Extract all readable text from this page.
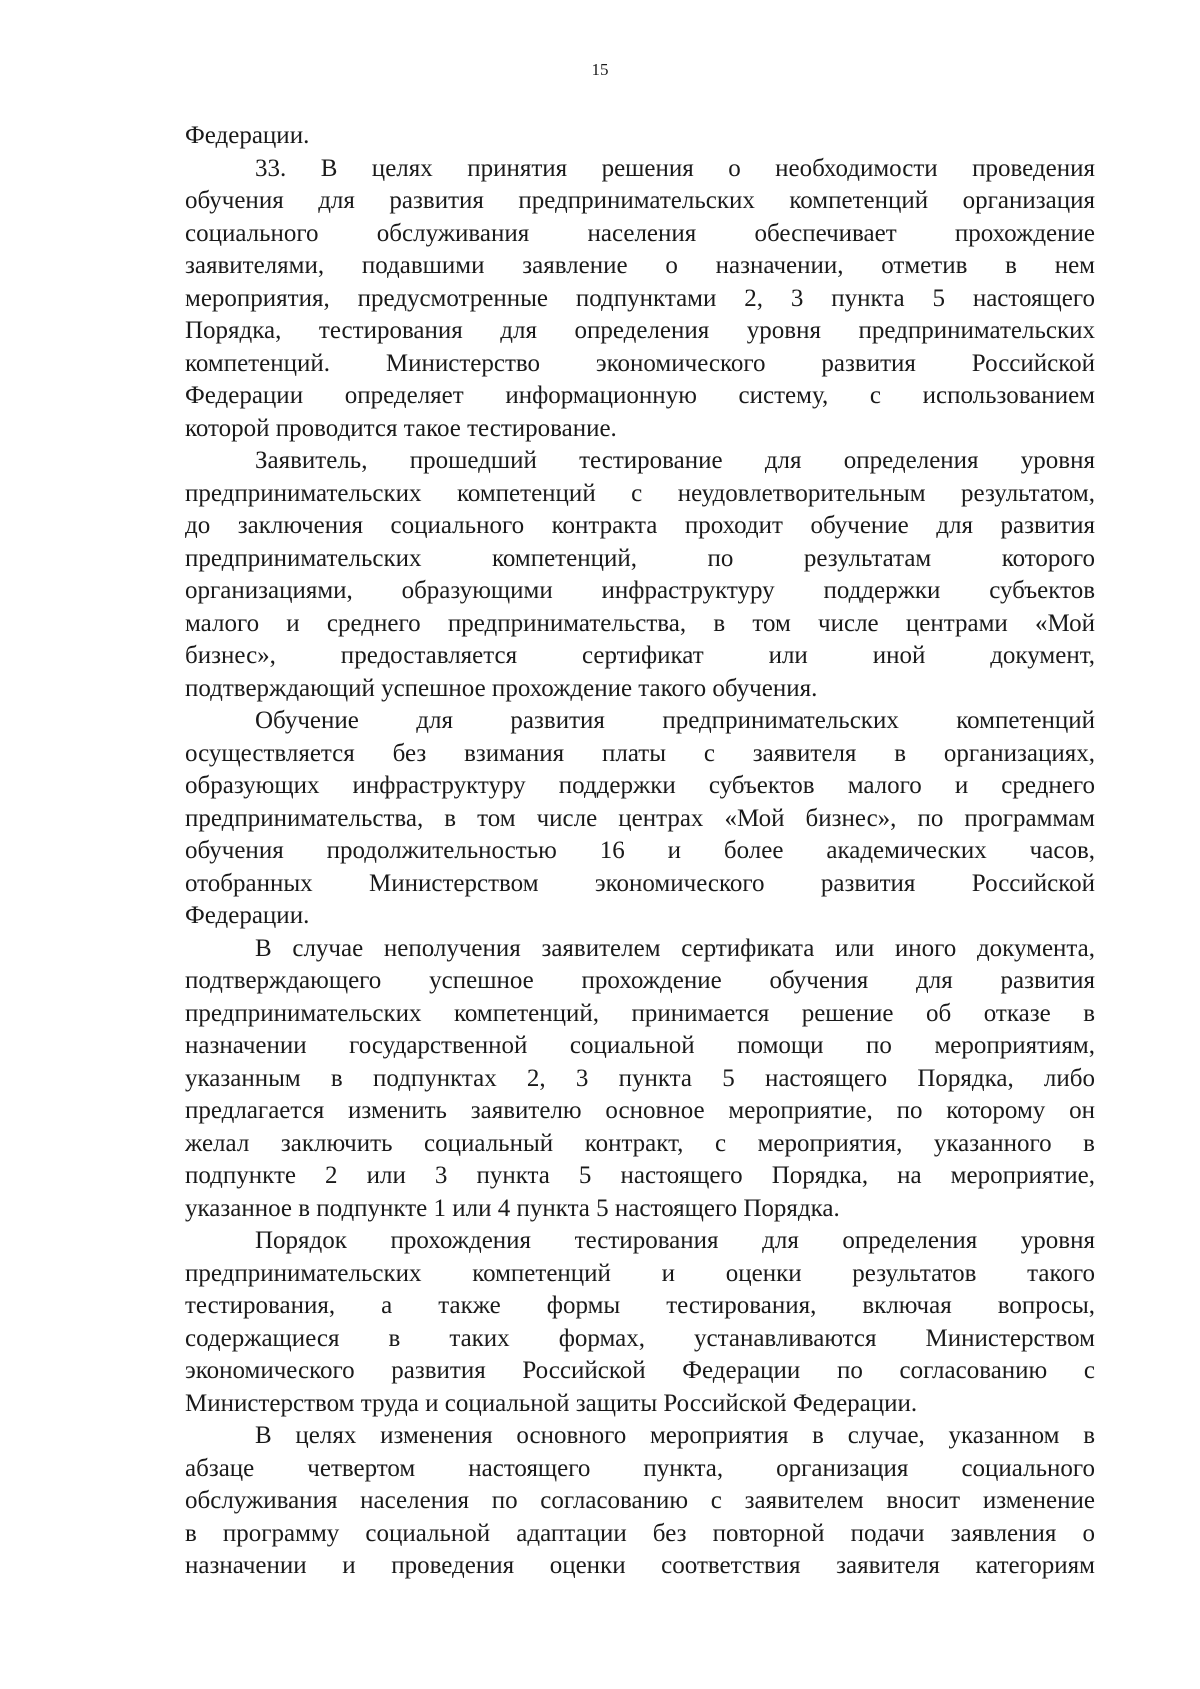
15
Федерации.
33. В целях принятия решения о необходимости проведения
обучения для развития предпринимательских компетенций организация
социального обслуживания населения обеспечивает прохождение
заявителями, подавшими заявление о назначении, отметив в нем
мероприятия, предусмотренные подпунктами 2, 3 пункта 5 настоящего
Порядка, тестирования для определения уровня предпринимательских
компетенций. Министерство экономического развития Российской
Федерации определяет информационную систему, с использованием
которой проводится такое тестирование.
Заявитель, прошедший тестирование для определения уровня
предпринимательских компетенций с неудовлетворительным результатом,
до заключения социального контракта проходит обучение для развития
предпринимательских компетенций, по результатам которого
организациями, образующими инфраструктуру поддержки субъектов
малого и среднего предпринимательства, в том числе центрами «Мой
бизнес», предоставляется сертификат или иной документ,
подтверждающий успешное прохождение такого обучения.
Обучение для развития предпринимательских компетенций
осуществляется без взимания платы с заявителя в организациях,
образующих инфраструктуру поддержки субъектов малого и среднего
предпринимательства, в том числе центрах «Мой бизнес», по программам
обучения продолжительностью 16 и более академических часов,
отобранных Министерством экономического развития Российской
Федерации.
В случае неполучения заявителем сертификата или иного документа,
подтверждающего успешное прохождение обучения для развития
предпринимательских компетенций, принимается решение об отказе в
назначении государственной социальной помощи по мероприятиям,
указанным в подпунктах 2, 3 пункта 5 настоящего Порядка, либо
предлагается изменить заявителю основное мероприятие, по которому он
желал заключить социальный контракт, с мероприятия, указанного в
подпункте 2 или 3 пункта 5 настоящего Порядка, на мероприятие,
указанное в подпункте 1 или 4 пункта 5 настоящего Порядка.
Порядок прохождения тестирования для определения уровня
предпринимательских компетенций и оценки результатов такого
тестирования, а также формы тестирования, включая вопросы,
содержащиеся в таких формах, устанавливаются Министерством
экономического развития Российской Федерации по согласованию с
Министерством труда и социальной защиты Российской Федерации.
В целях изменения основного мероприятия в случае, указанном в
абзаце четвертом настоящего пункта, организация социального
обслуживания населения по согласованию с заявителем вносит изменение
в программу социальной адаптации без повторной подачи заявления о
назначении и проведения оценки соответствия заявителя категориям
